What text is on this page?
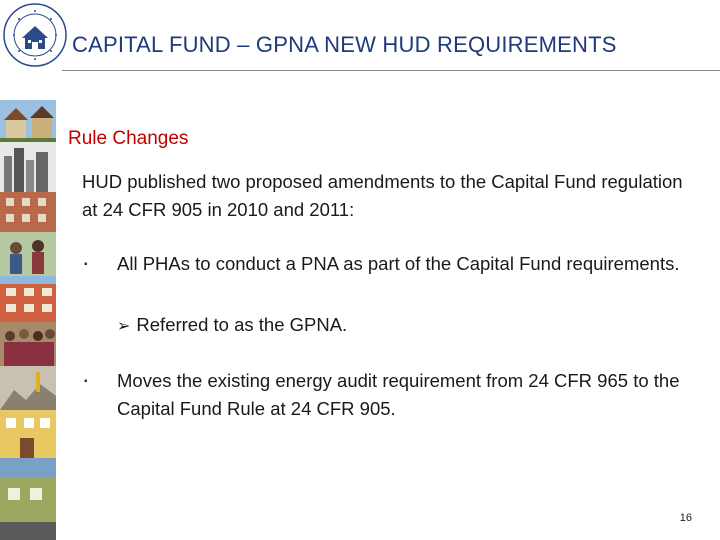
CAPITAL FUND – GPNA NEW HUD REQUIREMENTS
Rule Changes
HUD published two proposed amendments to the Capital Fund regulation at 24 CFR 905 in 2010 and 2011:
▪ All PHAs to conduct a PNA as part of the Capital Fund requirements.
➢ Referred to as the GPNA.
▪ Moves the existing energy audit requirement from 24 CFR 965 to the Capital Fund Rule at 24 CFR 905.
16
